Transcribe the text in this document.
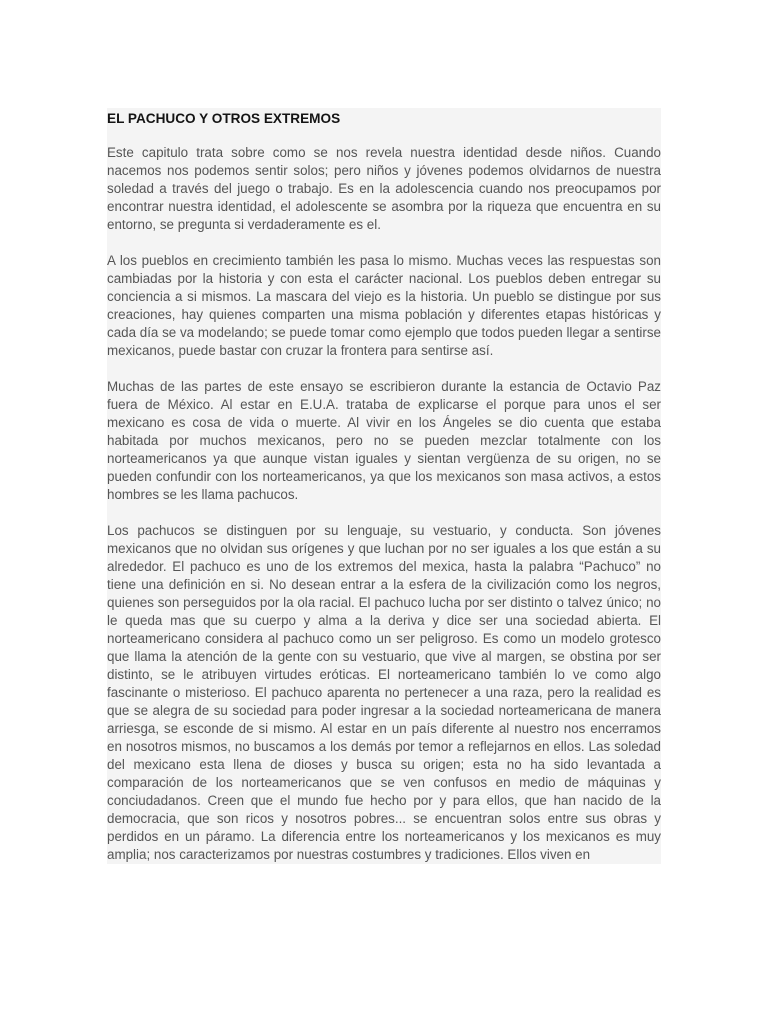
EL PACHUCO Y OTROS EXTREMOS

Este capitulo trata sobre como se nos revela nuestra identidad desde niños. Cuando nacemos nos podemos sentir solos; pero niños y jóvenes podemos olvidarnos de nuestra soledad a través del juego o trabajo. Es en la adolescencia cuando nos preocupamos por encontrar nuestra identidad, el adolescente se asombra por la riqueza que encuentra en su entorno, se pregunta si verdaderamente es el.

A los pueblos en crecimiento también les pasa lo mismo. Muchas veces las respuestas son cambiadas por la historia y con esta el carácter nacional. Los pueblos deben entregar su conciencia a si mismos. La mascara del viejo es la historia. Un pueblo se distingue por sus creaciones, hay quienes comparten una misma población y diferentes etapas históricas y cada día se va modelando; se puede tomar como ejemplo que todos pueden llegar a sentirse mexicanos, puede bastar con cruzar la frontera para sentirse así.

Muchas de las partes de este ensayo se escribieron durante la estancia de Octavio Paz fuera de México. Al estar en E.U.A. trataba de explicarse el porque para unos el ser mexicano es cosa de vida o muerte. Al vivir en los Ángeles se dio cuenta que estaba habitada por muchos mexicanos, pero no se pueden mezclar totalmente con los norteamericanos ya que aunque vistan iguales y sientan vergüenza de su origen, no se pueden confundir con los norteamericanos, ya que los mexicanos son masa activos, a estos hombres se les llama pachucos.

Los pachucos se distinguen por su lenguaje, su vestuario, y conducta. Son jóvenes mexicanos que no olvidan sus orígenes y que luchan por no ser iguales a los que están a su alrededor. El pachuco es uno de los extremos del mexica, hasta la palabra “Pachuco” no tiene una definición en si. No desean entrar a la esfera de la civilización como los negros, quienes son perseguidos por la ola racial. El pachuco lucha por ser distinto o talvez único; no le queda mas que su cuerpo y alma a la deriva y dice ser una sociedad abierta. El norteamericano considera al pachuco como un ser peligroso. Es como un modelo grotesco que llama la atención de la gente con su vestuario, que vive al margen, se obstina por ser distinto, se le atribuyen virtudes eróticas. El norteamericano también lo ve como algo fascinante o misterioso. El pachuco aparenta no pertenecer a una raza, pero la realidad es que se alegra de su sociedad para poder ingresar a la sociedad norteamericana de manera arriesga, se esconde de si mismo. Al estar en un país diferente al nuestro nos encerramos en nosotros mismos, no buscamos a los demás por temor a reflejarnos en ellos. Las soledad del mexicano esta llena de dioses y busca su origen; esta no ha sido levantada a comparación de los norteamericanos que se ven confusos en medio de máquinas y conciudadanos. Creen que el mundo fue hecho por y para ellos, que han nacido de la democracia, que son ricos y nosotros pobres... se encuentran solos entre sus obras y perdidos en un páramo. La diferencia entre los norteamericanos y los mexicanos es muy amplia; nos caracterizamos por nuestras costumbres y tradiciones. Ellos viven en
